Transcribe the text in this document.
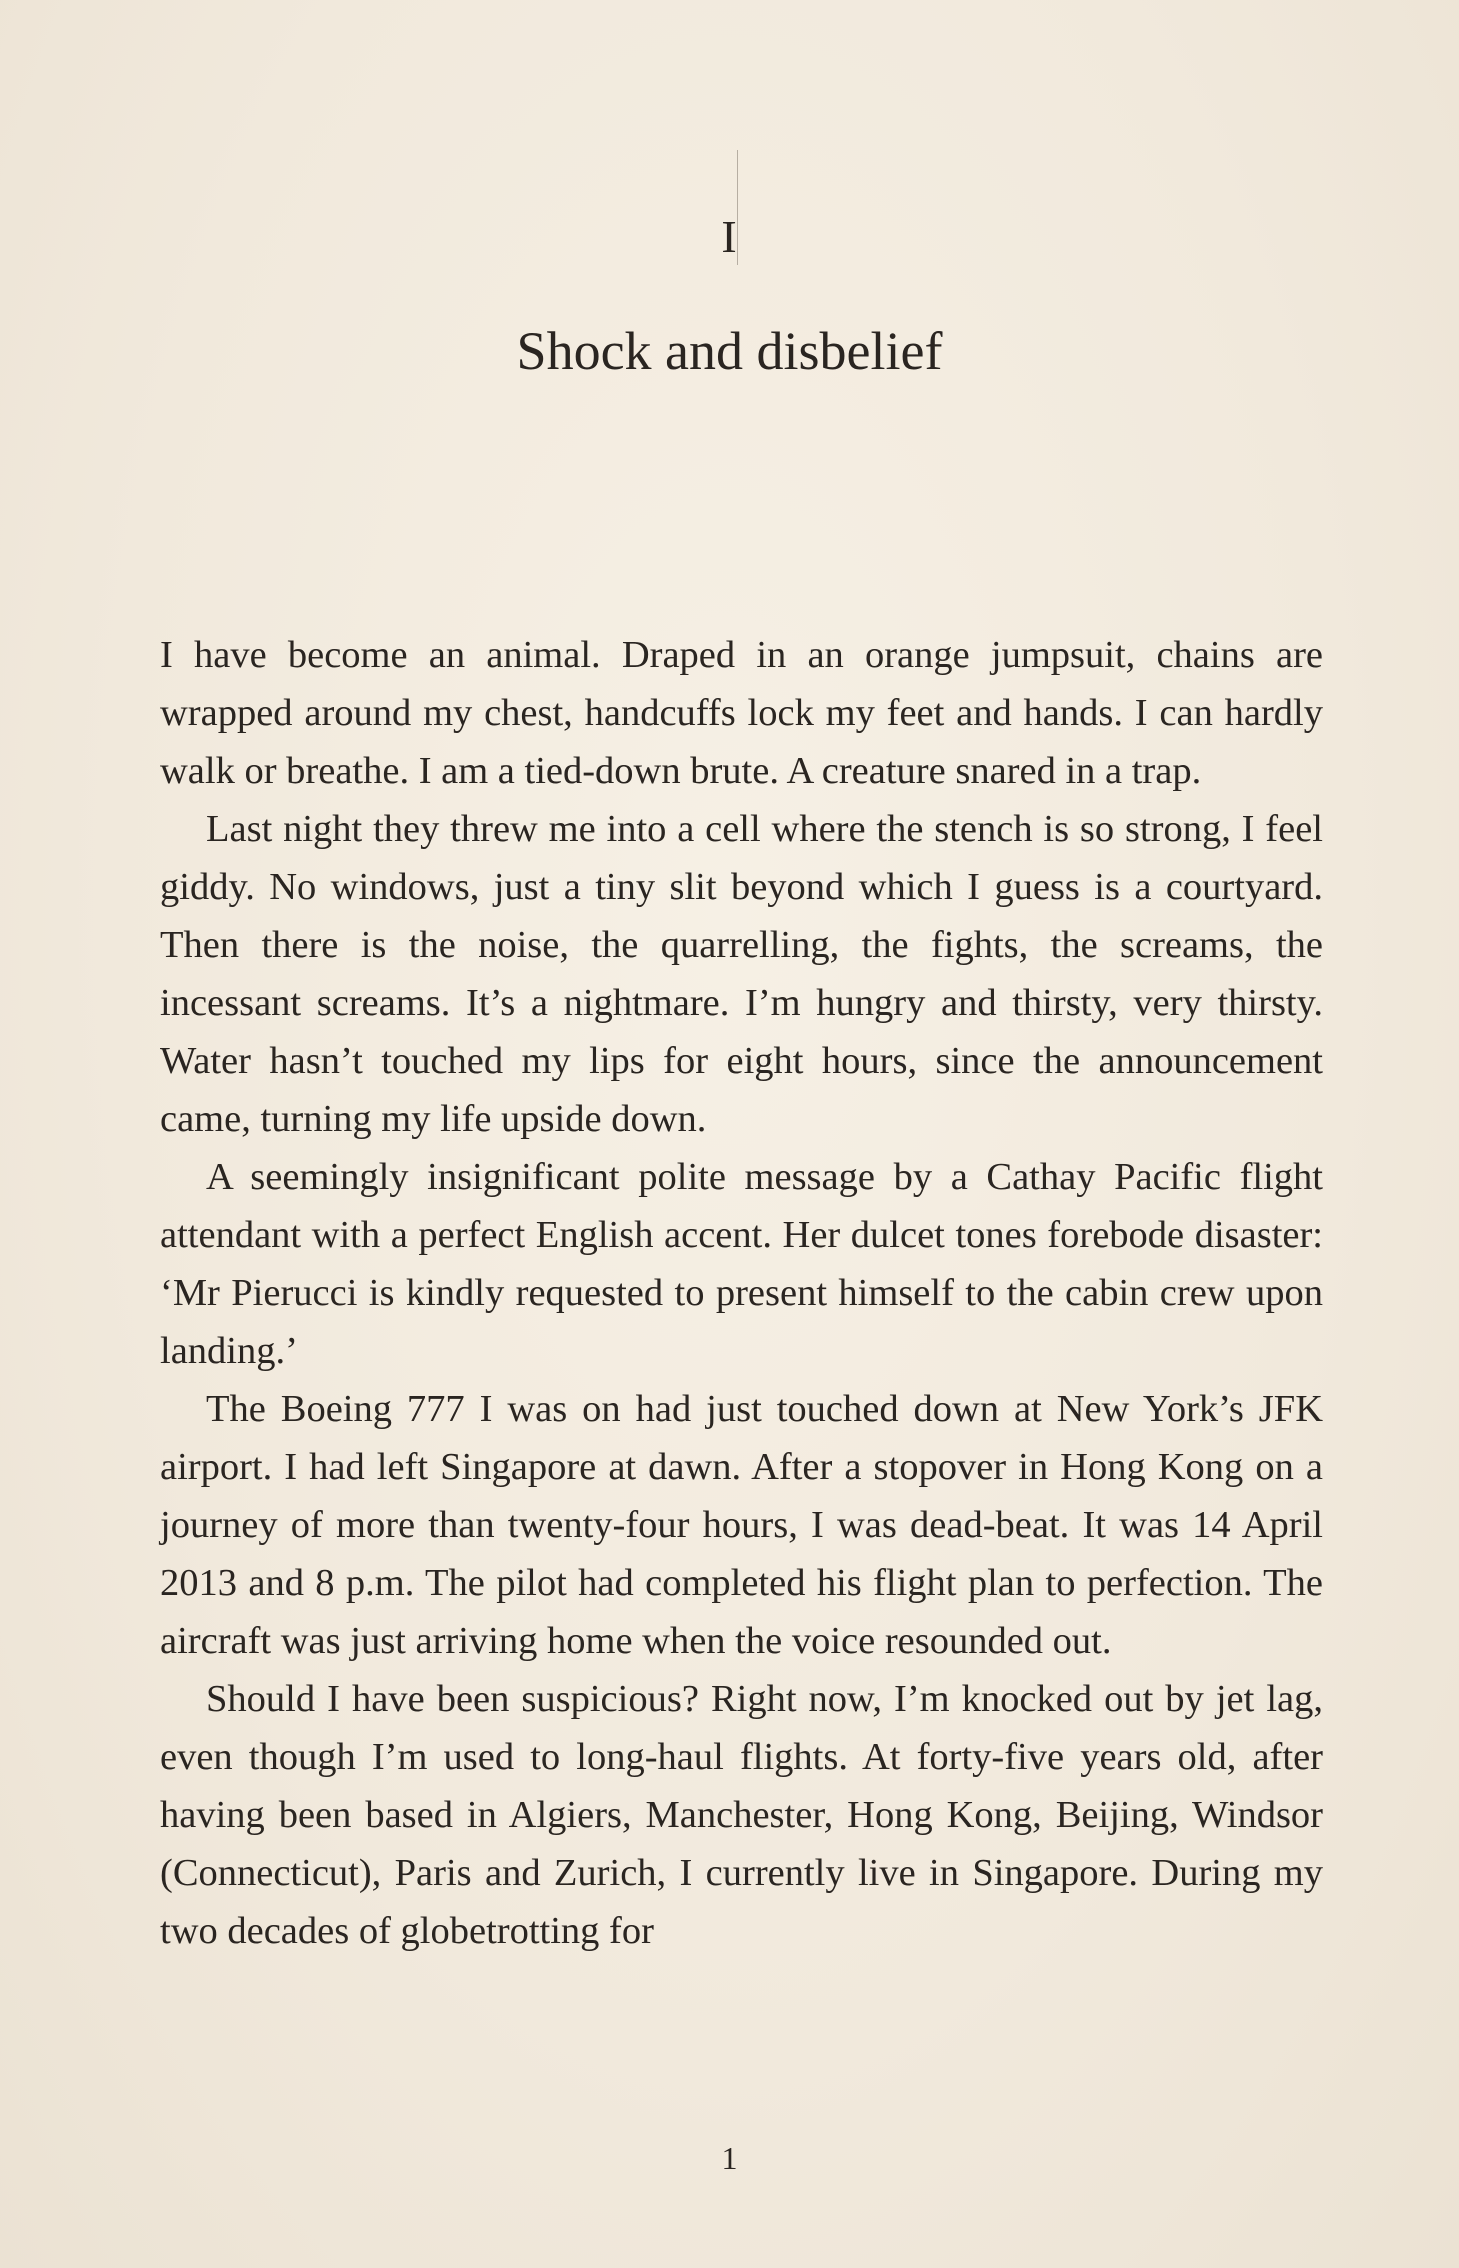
I
Shock and disbelief

I have become an animal. Draped in an orange jumpsuit, chains are wrapped around my chest, handcuffs lock my feet and hands. I can hardly walk or breathe. I am a tied-down brute. A creature snared in a trap.

Last night they threw me into a cell where the stench is so strong, I feel giddy. No windows, just a tiny slit beyond which I guess is a courtyard. Then there is the noise, the quarrelling, the fights, the screams, the incessant screams. It’s a nightmare. I’m hungry and thirsty, very thirsty. Water hasn’t touched my lips for eight hours, since the announcement came, turning my life upside down.

A seemingly insignificant polite message by a Cathay Pacific flight attendant with a perfect English accent. Her dulcet tones forebode disaster: ‘Mr Pierucci is kindly requested to present himself to the cabin crew upon landing.’

The Boeing 777 I was on had just touched down at New York’s JFK airport. I had left Singapore at dawn. After a stopover in Hong Kong on a journey of more than twenty-four hours, I was dead-beat. It was 14 April 2013 and 8 p.m. The pilot had completed his flight plan to perfection. The aircraft was just arriving home when the voice resounded out.

Should I have been suspicious? Right now, I’m knocked out by jet lag, even though I’m used to long-haul flights. At forty-five years old, after having been based in Algiers, Manchester, Hong Kong, Beijing, Windsor (Connecticut), Paris and Zurich, I currently live in Singapore. During my two decades of globetrotting for

1
